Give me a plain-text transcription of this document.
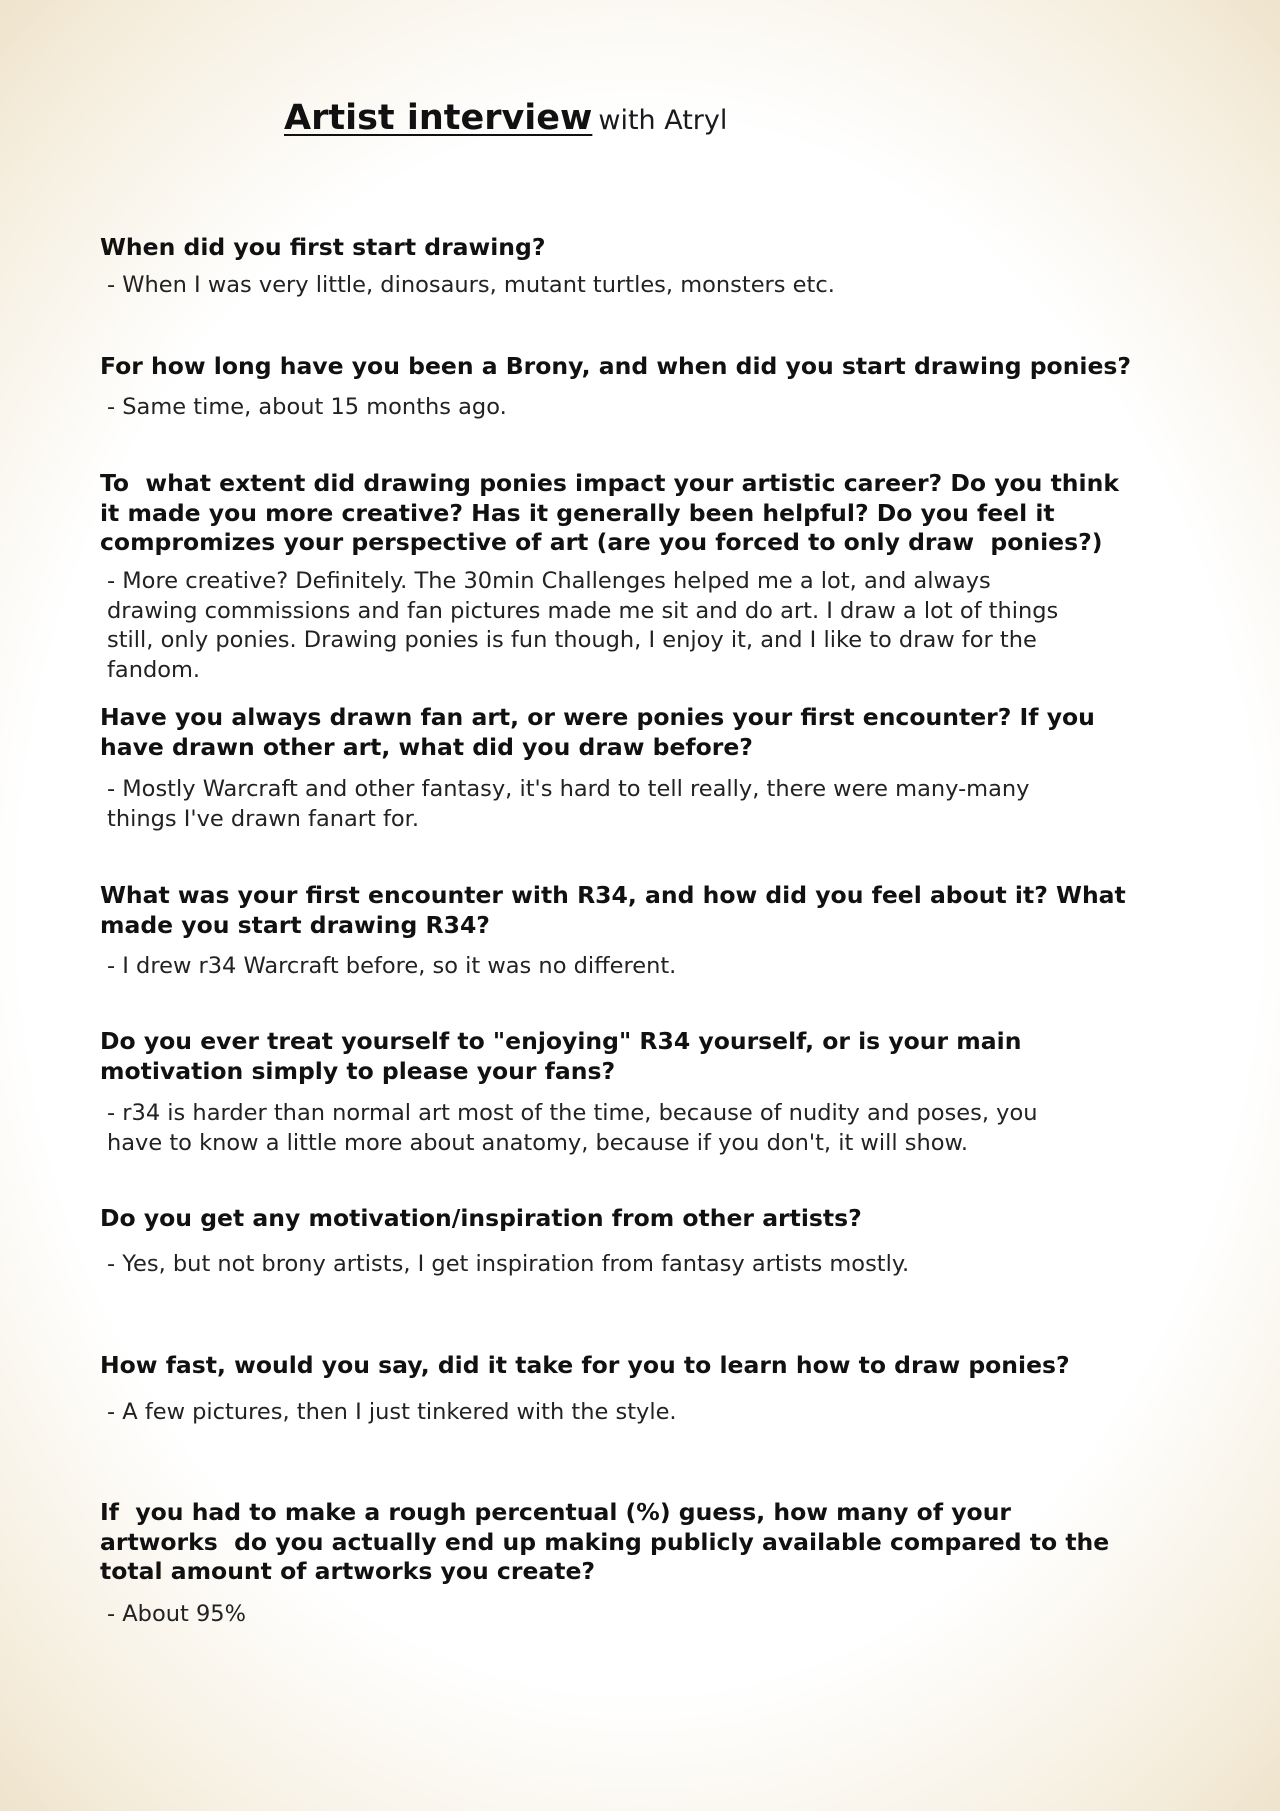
Artist interview with Atryl
When did you first start drawing?
- When I was very little, dinosaurs, mutant turtles, monsters etc.
For how long have you been a Brony, and when did you start drawing ponies?
- Same time, about 15 months ago.
To  what extent did drawing ponies impact your artistic career? Do you think
it made you more creative? Has it generally been helpful? Do you feel it
compromizes your perspective of art (are you forced to only draw  ponies?)
- More creative? Definitely. The 30min Challenges helped me a lot, and always
drawing commissions and fan pictures made me sit and do art. I draw a lot of things
still, only ponies. Drawing ponies is fun though, I enjoy it, and I like to draw for the
fandom.
Have you always drawn fan art, or were ponies your first encounter? If you
have drawn other art, what did you draw before?
- Mostly Warcraft and other fantasy, it's hard to tell really, there were many-many
things I've drawn fanart for.
What was your first encounter with R34, and how did you feel about it? What
made you start drawing R34?
- I drew r34 Warcraft before, so it was no different.
Do you ever treat yourself to "enjoying" R34 yourself, or is your main
motivation simply to please your fans?
- r34 is harder than normal art most of the time, because of nudity and poses, you
have to know a little more about anatomy, because if you don't, it will show.
Do you get any motivation/inspiration from other artists?
- Yes, but not brony artists, I get inspiration from fantasy artists mostly.
How fast, would you say, did it take for you to learn how to draw ponies?
- A few pictures, then I just tinkered with the style.
If  you had to make a rough percentual (%) guess, how many of your
artworks  do you actually end up making publicly available compared to the
total amount of artworks you create?
- About 95%
